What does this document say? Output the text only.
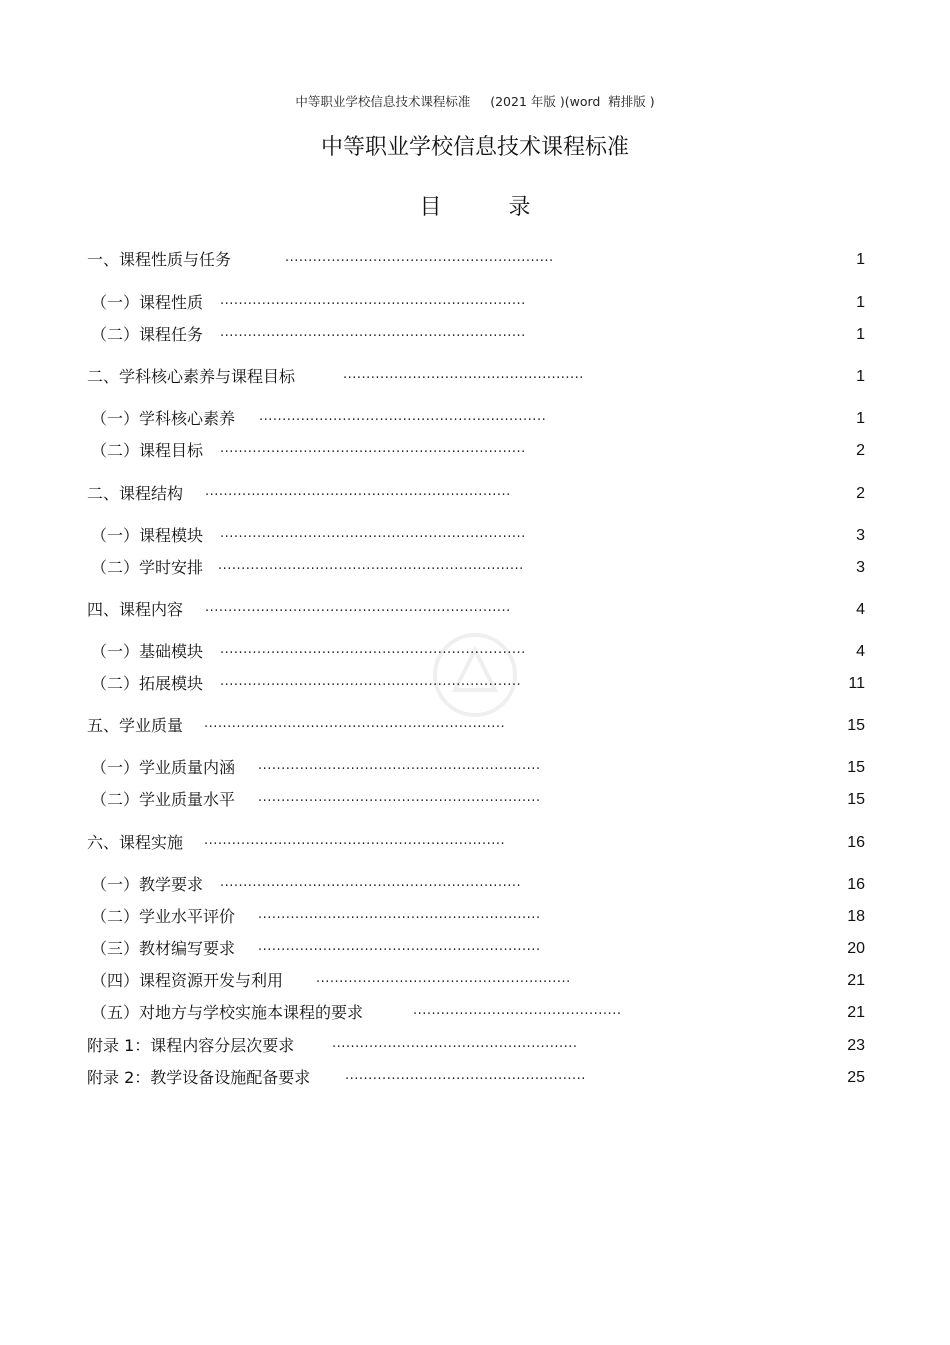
中等职业学校信息技术课程标准     (2021 年版 )(word  精排版 )
中等职业学校信息技术课程标准
目 录
一、课程性质与任务	..........................................................	1
（一）课程性质 ..................................................................	1
（二）课程任务 ..................................................................	1
二、学科核心素养与课程目标	....................................................	1
（一）学科核心素养 ..............................................................	1
（二）课程目标 ..................................................................	2
二、课程结构 ..................................................................	2
（一）课程模块 ..................................................................	3
（二）学时安排 ..................................................................	3
四、课程内容 ..................................................................	4
（一）基础模块 ..................................................................	4
（二）拓展模块 .................................................................	11
五、学业质量 .................................................................	15
（一）学业质量内涵 .............................................................	15
（二）学业质量水平 .............................................................	15
六、课程实施 .................................................................	16
（一）教学要求 .................................................................	16
（二）学业水平评价 .............................................................	18
（三）教材编写要求 .............................................................	20
（四）课程资源开发与利用	.......................................................	21
（五）对地方与学校实施本课程的要求	.............................................	21
附录 1：课程内容分层次要求	.....................................................	23
附录 2：教学设备设施配备要求	....................................................	25
